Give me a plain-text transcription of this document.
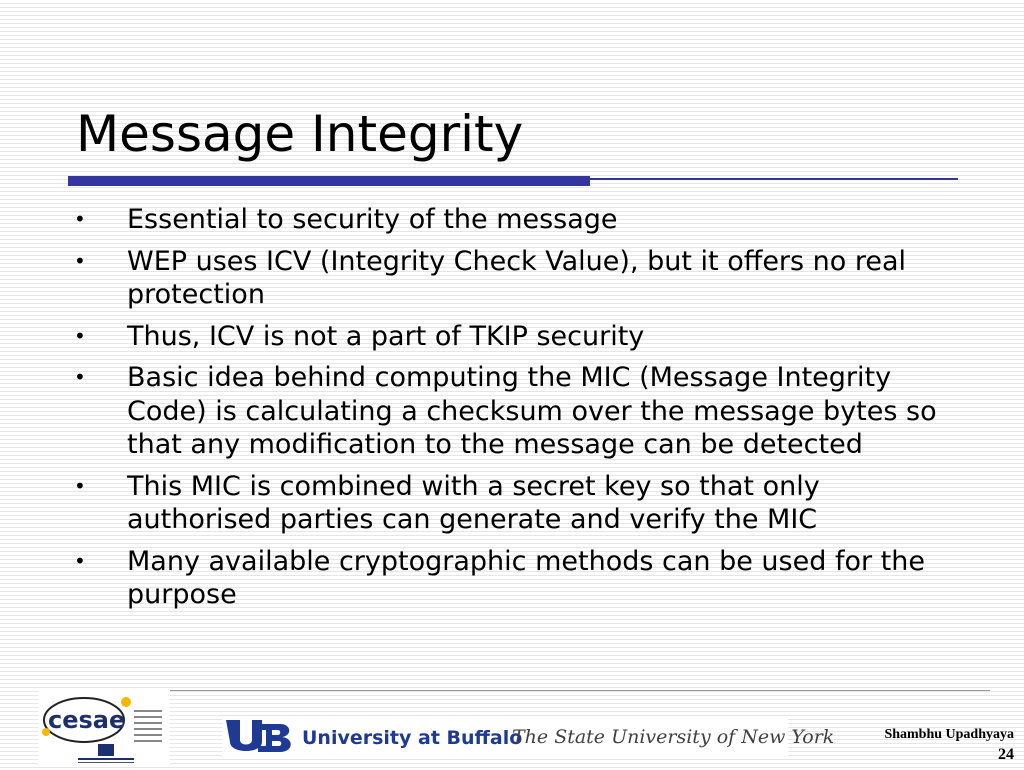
Message Integrity
• Essential to security of the message
• WEP uses ICV (Integrity Check Value), but it offers no real protection
• Thus, ICV is not a part of TKIP security
• Basic idea behind computing the MIC (Message Integrity Code) is calculating a checksum over the message bytes so that any modification to the message can be detected
• This MIC is combined with a secret key so that only authorised parties can generate and verify the MIC
• Many available cryptographic methods can be used for the purpose
cesae
University at Buffalo
The State University of New York	Shambhu Upadhyaya
24
